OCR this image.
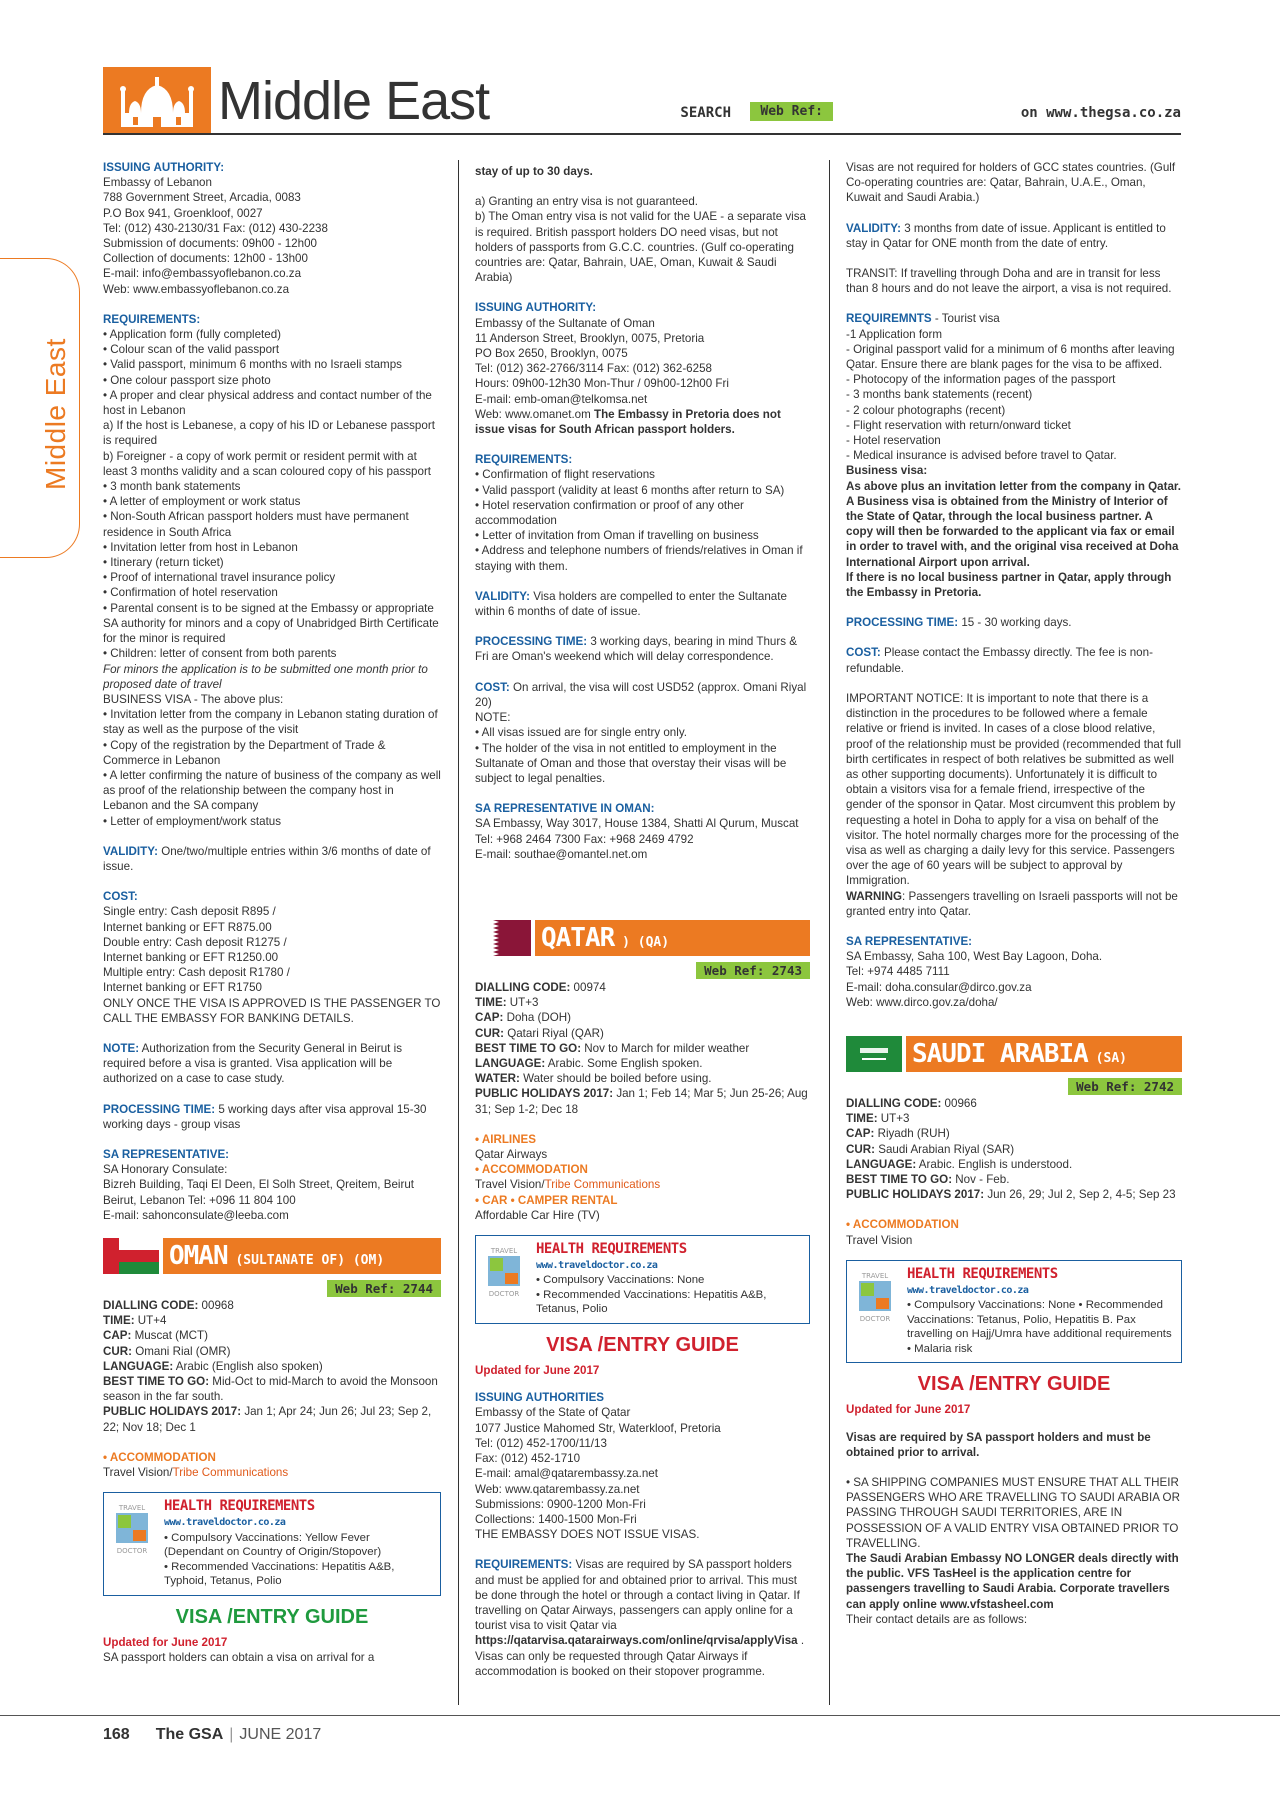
Middle East	SEARCH	Web Ref:	on www.thegsa.co.za
Middle East
ISSUING AUTHORITY:
Embassy of Lebanon
788 Government Street, Arcadia, 0083
P.O Box 941, Groenkloof, 0027
Tel: (012) 430-2130/31 Fax: (012) 430-2238
Submission of documents: 09h00 - 12h00
Collection of documents: 12h00 - 13h00
E-mail: info@embassyoflebanon.co.za
Web: www.embassyoflebanon.co.za
REQUIREMENTS:
• Application form (fully completed)
• Colour scan of the valid passport
• Valid passport, minimum 6 months with no Israeli stamps
• One colour passport size photo
• A proper and clear physical address and contact number of the host in Lebanon
a) If the host is Lebanese, a copy of his ID or Lebanese passport is required
b) Foreigner - a copy of work permit or resident permit with at least 3 months validity and a scan coloured copy of his passport
• 3 month bank statements
• A letter of employment or work status
• Non-South African passport holders must have permanent residence in South Africa
• Invitation letter from host in Lebanon
• Itinerary (return ticket)
• Proof of international travel insurance policy
• Confirmation of hotel reservation
• Parental consent is to be signed at the Embassy or appropriate SA authority for minors and a copy of Unabridged Birth Certificate for the minor is required
• Children: letter of consent from both parents
For minors the application is to be submitted one month prior to proposed date of travel
BUSINESS VISA - The above plus:
• Invitation letter from the company in Lebanon stating duration of stay as well as the purpose of the visit
• Copy of the registration by the Department of Trade & Commerce in Lebanon
• A letter confirming the nature of business of the company as well as proof of the relationship between the company host in Lebanon and the SA company
• Letter of employment/work status
VALIDITY: One/two/multiple entries within 3/6 months of date of issue.
COST:
Single entry: Cash deposit R895 /
Internet banking or EFT R875.00
Double entry: Cash deposit R1275 /
Internet banking or EFT R1250.00
Multiple entry: Cash deposit R1780 /
Internet banking or EFT R1750
ONLY ONCE THE VISA IS APPROVED IS THE PASSENGER TO CALL THE EMBASSY FOR BANKING DETAILS.
NOTE: Authorization from the Security General in Beirut is required before a visa is granted. Visa application will be authorized on a case to case study.
PROCESSING TIME: 5 working days after visa approval 15-30 working days - group visas
SA REPRESENTATIVE:
SA Honorary Consulate:
Bizreh Building, Taqi El Deen, El Solh Street, Qreitem, Beirut
Beirut, Lebanon Tel: +096 11 804 100
E-mail: sahonconsulate@leeba.com
OMAN (SULTANATE OF) (OM)
Web Ref: 2744
DIALLING CODE: 00968
TIME: UT+4
CAP: Muscat (MCT)
CUR: Omani Rial (OMR)
LANGUAGE: Arabic (English also spoken)
BEST TIME TO GO: Mid-Oct to mid-March to avoid the Monsoon season in the far south.
PUBLIC HOLIDAYS 2017: Jan 1; Apr 24; Jun 26; Jul 23; Sep 2, 22; Nov 18; Dec 1
• ACCOMMODATION
Travel Vision/Tribe Communications
TRAVEL
DOCTOR
HEALTH REQUIREMENTS www.traveldoctor.co.za
• Compulsory Vaccinations: Yellow Fever (Dependant on Country of Origin/Stopover)
• Recommended Vaccinations: Hepatitis A&B, Typhoid, Tetanus, Polio
VISA /ENTRY GUIDE
Updated for June 2017
SA passport holders can obtain a visa on arrival for a
stay of up to 30 days.
a) Granting an entry visa is not guaranteed.
b) The Oman entry visa is not valid for the UAE - a separate visa is required. British passport holders DO need visas, but not holders of passports from G.C.C. countries. (Gulf co-operating countries are: Qatar, Bahrain, UAE, Oman, Kuwait & Saudi Arabia)
ISSUING AUTHORITY:
Embassy of the Sultanate of Oman
11 Anderson Street, Brooklyn, 0075, Pretoria
PO Box 2650, Brooklyn, 0075
Tel: (012) 362-2766/3114 Fax: (012) 362-6258
Hours: 09h00-12h30 Mon-Thur / 09h00-12h00 Fri
E-mail: emb-oman@telkomsa.net
Web: www.omanet.om The Embassy in Pretoria does not issue visas for South African passport holders.
REQUIREMENTS:
• Confirmation of flight reservations
• Valid passport (validity at least 6 months after return to SA)
• Hotel reservation confirmation or proof of any other accommodation
• Letter of invitation from Oman if travelling on business
• Address and telephone numbers of friends/relatives in Oman if staying with them.
VALIDITY: Visa holders are compelled to enter the Sultanate within 6 months of date of issue.
PROCESSING TIME: 3 working days, bearing in mind Thurs & Fri are Oman's weekend which will delay correspondence.
COST: On arrival, the visa will cost USD52 (approx. Omani Riyal 20)
NOTE:
• All visas issued are for single entry only.
• The holder of the visa in not entitled to employment in the Sultanate of Oman and those that overstay their visas will be subject to legal penalties.
SA REPRESENTATIVE IN OMAN:
SA Embassy, Way 3017, House 1384, Shatti Al Qurum, Muscat Tel: +968 2464 7300 Fax: +968 2469 4792
E-mail: southae@omantel.net.om
QATAR ) (QA)
Web Ref: 2743
DIALLING CODE: 00974
TIME: UT+3
CAP: Doha (DOH)
CUR: Qatari Riyal (QAR)
BEST TIME TO GO: Nov to March for milder weather
LANGUAGE: Arabic. Some English spoken.
WATER: Water should be boiled before using.
PUBLIC HOLIDAYS 2017: Jan 1; Feb 14; Mar 5; Jun 25-26; Aug 31; Sep 1-2; Dec 18
• AIRLINES
Qatar Airways
• ACCOMMODATION
Travel Vision/Tribe Communications
• CAR • CAMPER RENTAL
Affordable Car Hire (TV)
TRAVEL
DOCTOR
HEALTH REQUIREMENTS www.traveldoctor.co.za
• Compulsory Vaccinations: None
• Recommended Vaccinations: Hepatitis A&B, Tetanus, Polio
VISA /ENTRY GUIDE
Updated for June 2017
ISSUING AUTHORITIES
Embassy of the State of Qatar
1077 Justice Mahomed Str, Waterkloof, Pretoria
Tel: (012) 452-1700/11/13
Fax: (012) 452-1710
E-mail: amal@qatarembassy.za.net
Web: www.qatarembassy.za.net
Submissions: 0900-1200 Mon-Fri
Collections: 1400-1500 Mon-Fri
THE EMBASSY DOES NOT ISSUE VISAS.
REQUIREMENTS: Visas are required by SA passport holders and must be applied for and obtained prior to arrival. This must be done through the hotel or through a contact living in Qatar. If travelling on Qatar Airways, passengers can apply online for a tourist visa to visit Qatar via https://qatarvisa.qatarairways.com/online/qrvisa/applyVisa .
Visas can only be requested through Qatar Airways if accommodation is booked on their stopover programme.
Visas are not required for holders of GCC states countries. (Gulf Co-operating countries are: Qatar, Bahrain, U.A.E., Oman, Kuwait and Saudi Arabia.)
VALIDITY: 3 months from date of issue. Applicant is entitled to stay in Qatar for ONE month from the date of entry.
TRANSIT: If travelling through Doha and are in transit for less than 8 hours and do not leave the airport, a visa is not required.
REQUIREMNTS - Tourist visa
-1 Application form
- Original passport valid for a minimum of 6 months after leaving Qatar. Ensure there are blank pages for the visa to be affixed.
- Photocopy of the information pages of the passport
- 3 months bank statements (recent)
- 2 colour photographs (recent)
- Flight reservation with return/onward ticket
- Hotel reservation
- Medical insurance is advised before travel to Qatar.
Business visa:
As above plus an invitation letter from the company in Qatar.
A Business visa is obtained from the Ministry of Interior of the State of Qatar, through the local business partner. A copy will then be forwarded to the applicant via fax or email in order to travel with, and the original visa received at Doha International Airport upon arrival.
If there is no local business partner in Qatar, apply through the Embassy in Pretoria.
PROCESSING TIME: 15 - 30 working days.
COST: Please contact the Embassy directly. The fee is non-refundable.
IMPORTANT NOTICE: It is important to note that there is a distinction in the procedures to be followed where a female relative or friend is invited. In cases of a close blood relative, proof of the relationship must be provided (recommended that full birth certificates in respect of both relatives be submitted as well as other supporting documents). Unfortunately it is difficult to obtain a visitors visa for a female friend, irrespective of the gender of the sponsor in Qatar. Most circumvent this problem by requesting a hotel in Doha to apply for a visa on behalf of the visitor. The hotel normally charges more for the processing of the visa as well as charging a daily levy for this service. Passengers over the age of 60 years will be subject to approval by Immigration.
WARNING: Passengers travelling on Israeli passports will not be granted entry into Qatar.
SA REPRESENTATIVE:
SA Embassy, Saha 100, West Bay Lagoon, Doha.
Tel: +974 4485 7111
E-mail: doha.consular@dirco.gov.za
Web: www.dirco.gov.za/doha/
SAUDI ARABIA (SA)
Web Ref: 2742
DIALLING CODE: 00966
TIME: UT+3
CAP: Riyadh (RUH)
CUR: Saudi Arabian Riyal (SAR)
LANGUAGE: Arabic. English is understood.
BEST TIME TO GO: Nov - Feb.
PUBLIC HOLIDAYS 2017: Jun 26, 29; Jul 2, Sep 2, 4-5; Sep 23
• ACCOMMODATION
Travel Vision
TRAVEL
DOCTOR
HEALTH REQUIREMENTS www.traveldoctor.co.za
• Compulsory Vaccinations: None • Recommended Vaccinations: Tetanus, Polio, Hepatitis B. Pax travelling on Hajj/Umra have additional requirements • Malaria risk
VISA /ENTRY GUIDE
Updated for June 2017
Visas are required by SA passport holders and must be obtained prior to arrival.
• SA SHIPPING COMPANIES MUST ENSURE THAT ALL THEIR PASSENGERS WHO ARE TRAVELLING TO SAUDI ARABIA OR PASSING THROUGH SAUDI TERRITORIES, ARE IN POSSESSION OF A VALID ENTRY VISA OBTAINED PRIOR TO TRAVELLING.
The Saudi Arabian Embassy NO LONGER deals directly with the public. VFS TasHeel is the application centre for passengers travelling to Saudi Arabia. Corporate travellers can apply online www.vfstasheel.com
Their contact details are as follows:
168 The GSA | JUNE 2017
